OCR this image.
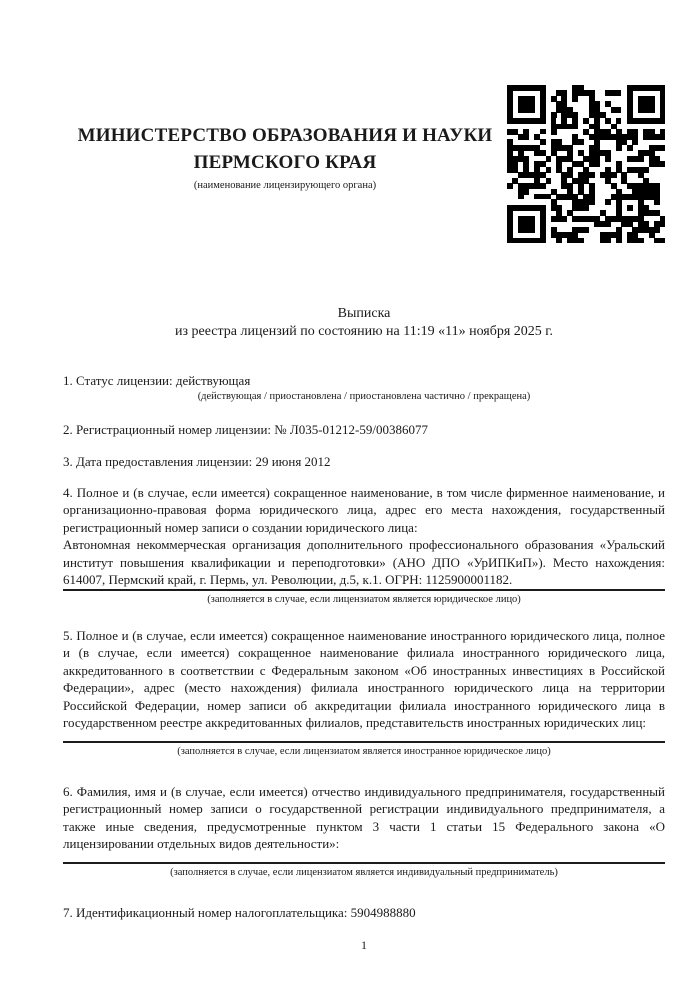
МИНИСТЕРСТВО ОБРАЗОВАНИЯ И НАУКИ ПЕРМСКОГО КРАЯ
(наименование лицензирующего органа)
Выписка
из реестра лицензий по состоянию на 11:19 «11» ноября 2025 г.
1. Статус лицензии: действующая
(действующая / приостановлена / приостановлена частично / прекращена)
2. Регистрационный номер лицензии: № Л035-01212-59/00386077
3. Дата предоставления лицензии: 29 июня 2012
4. Полное и (в случае, если имеется) сокращенное наименование, в том числе фирменное наименование, и организационно-правовая форма юридического лица, адрес его места нахождения, государственный регистрационный номер записи о создании юридического лица:
Автономная некоммерческая организация дополнительного профессионального образования «Уральский институт повышения квалификации и переподготовки» (АНО ДПО «УрИПКиП»). Место нахождения: 614007, Пермский край, г. Пермь, ул. Революции, д.5, к.1. ОГРН: 1125900001182.
(заполняется в случае, если лицензиатом является юридическое лицо)
5. Полное и (в случае, если имеется) сокращенное наименование иностранного юридического лица, полное и (в случае, если имеется) сокращенное наименование филиала иностранного юридического лица, аккредитованного в соответствии с Федеральным законом «Об иностранных инвестициях в Российской Федерации», адрес (место нахождения) филиала иностранного юридического лица на территории Российской Федерации, номер записи об аккредитации филиала иностранного юридического лица в государственном реестре аккредитованных филиалов, представительств иностранных юридических лиц:
(заполняется в случае, если лицензиатом является иностранное юридическое лицо)
6. Фамилия, имя и (в случае, если имеется) отчество индивидуального предпринимателя, государственный регистрационный номер записи о государственной регистрации индивидуального предпринимателя, а также иные сведения, предусмотренные пунктом 3 части 1 статьи 15 Федерального закона «О лицензировании отдельных видов деятельности»:
(заполняется в случае, если лицензиатом является индивидуальный предприниматель)
7. Идентификационный номер налогоплательщика: 5904988880
1
